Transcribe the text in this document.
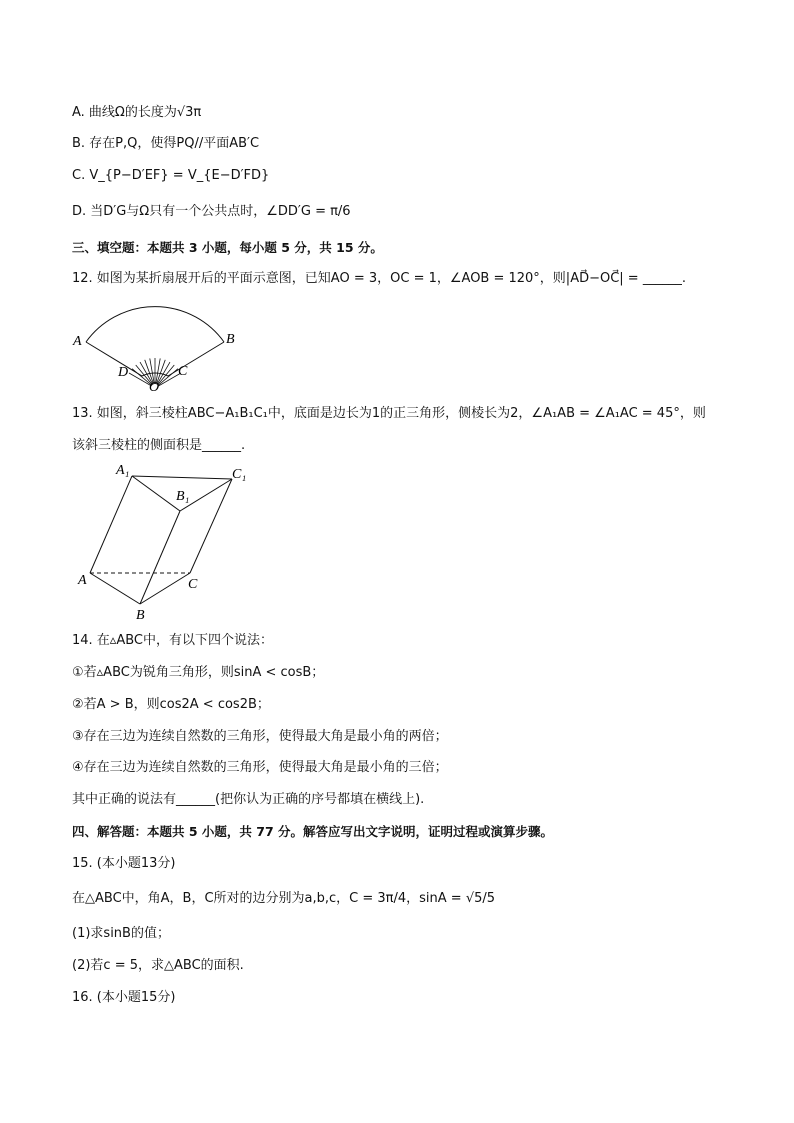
A. 曲线Ω的长度为√3π
B. 存在P,Q，使得PQ//平面AB′C
C. V_{P−D′EF} = V_{E−D′FD}
D. 当D′G与Ω只有一个公共点时，∠DD′G = π/6
三、填空题：本题共 3 小题，每小题 5 分，共 15 分。
12. 如图为某折扇展开后的平面示意图，已知AO = 3，OC = 1，∠AOB = 120°，则|AD⃗−OC⃗| = ______.
A	B
D	C
O
13. 如图，斜三棱柱ABC−A₁B₁C₁中，底面是边长为1的正三角形，侧棱长为2，∠A₁AB = ∠A₁AC = 45°，则
该斜三棱柱的侧面积是______.
A₁	C₁
B₁
A	C
B
14. 在▵ABC中，有以下四个说法：
①若▵ABC为锐角三角形，则sinA < cosB；
②若A > B，则cos2A < cos2B；
③存在三边为连续自然数的三角形，使得最大角是最小角的两倍；
④存在三边为连续自然数的三角形，使得最大角是最小角的三倍；
其中正确的说法有______(把你认为正确的序号都填在横线上).
四、解答题：本题共 5 小题，共 77 分。解答应写出文字说明，证明过程或演算步骤。
15. (本小题13分)
在△ABC中，角A，B，C所对的边分别为a,b,c，C = 3π/4，sinA = √5/5
(1)求sinB的值；
(2)若c = 5，求△ABC的面积.
16. (本小题15分)
